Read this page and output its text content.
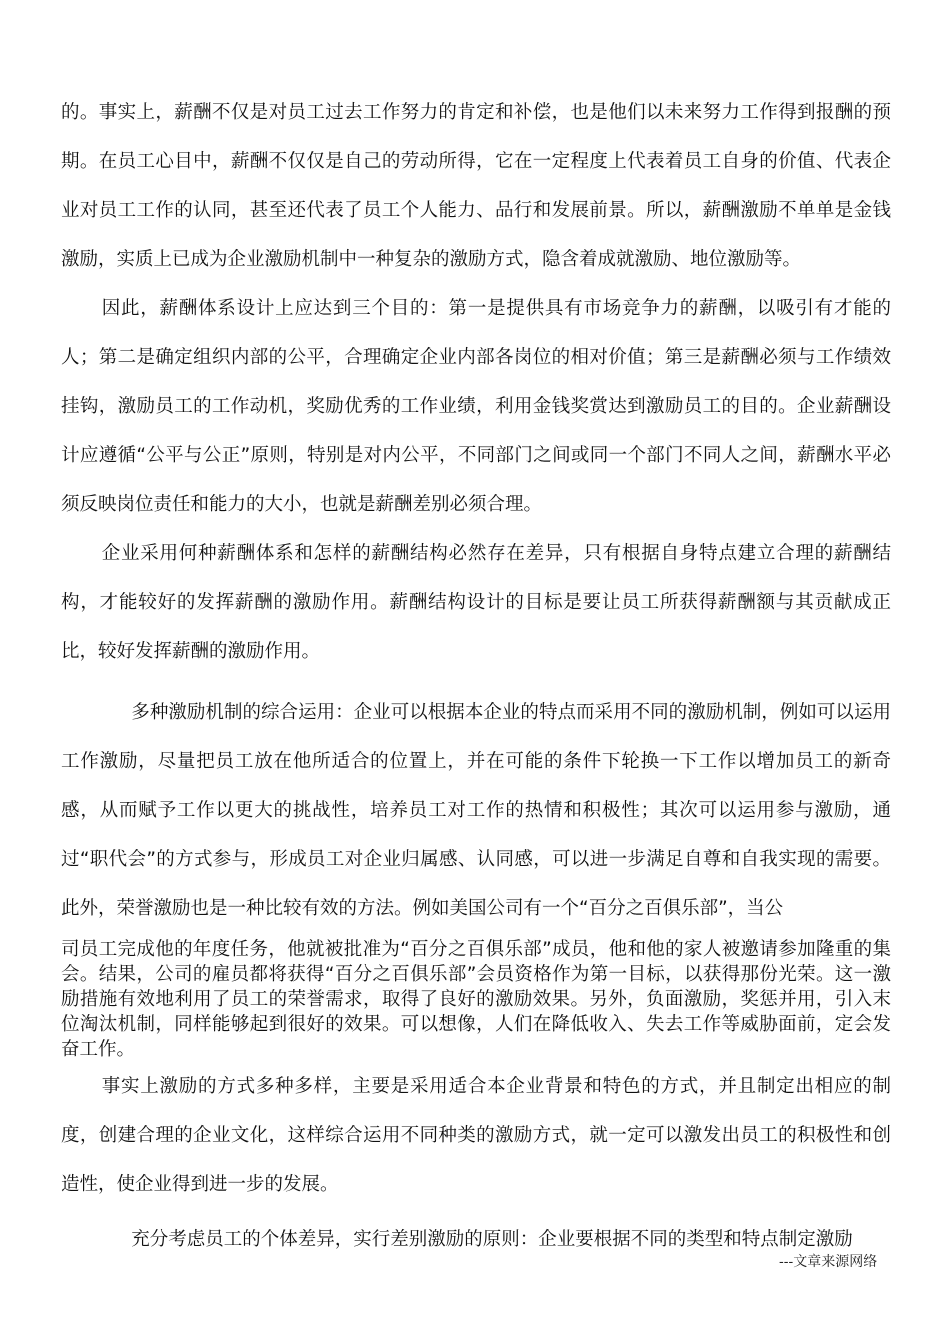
的。事实上，薪酬不仅是对员工过去工作努力的肯定和补偿，也是他们以未来努力工作得到报酬的预期。在员工心目中，薪酬不仅仅是自己的劳动所得，它在一定程度上代表着员工自身的价值、代表企业对员工工作的认同，甚至还代表了员工个人能力、品行和发展前景。所以，薪酬激励不单单是金钱激励，实质上已成为企业激励机制中一种复杂的激励方式，隐含着成就激励、地位激励等。

因此，薪酬体系设计上应达到三个目的：第一是提供具有市场竞争力的薪酬，以吸引有才能的人；第二是确定组织内部的公平，合理确定企业内部各岗位的相对价值；第三是薪酬必须与工作绩效挂钩，激励员工的工作动机，奖励优秀的工作业绩，利用金钱奖赏达到激励员工的目的。企业薪酬设计应遵循“公平与公正”原则，特别是对内公平，不同部门之间或同一个部门不同人之间，薪酬水平必须反映岗位责任和能力的大小，也就是薪酬差别必须合理。

企业采用何种薪酬体系和怎样的薪酬结构必然存在差异，只有根据自身特点建立合理的薪酬结构，才能较好的发挥薪酬的激励作用。薪酬结构设计的目标是要让员工所获得薪酬额与其贡献成正比，较好发挥薪酬的激励作用。

多种激励机制的综合运用：企业可以根据本企业的特点而采用不同的激励机制，例如可以运用工作激励，尽量把员工放在他所适合的位置上，并在可能的条件下轮换一下工作以增加员工的新奇感，从而赋予工作以更大的挑战性，培养员工对工作的热情和积极性；其次可以运用参与激励，通过“职代会”的方式参与，形成员工对企业归属感、认同感，可以进一步满足自尊和自我实现的需要。此外，荣誉激励也是一种比较有效的方法。例如美国公司有一个“百分之百俱乐部”，当公

司员工完成他的年度任务，他就被批准为“百分之百俱乐部”成员，他和他的家人被邀请参加隆重的集会。结果，公司的雇员都将获得“百分之百俱乐部”会员资格作为第一目标，以获得那份光荣。这一激励措施有效地利用了员工的荣誉需求，取得了良好的激励效果。另外，负面激励，奖惩并用，引入末位淘汰机制，同样能够起到很好的效果。可以想像，人们在降低收入、失去工作等威胁面前，定会发奋工作。

事实上激励的方式多种多样，主要是采用适合本企业背景和特色的方式，并且制定出相应的制度，创建合理的企业文化，这样综合运用不同种类的激励方式，就一定可以激发出员工的积极性和创造性，使企业得到进一步的发展。

充分考虑员工的个体差异，实行差别激励的原则：企业要根据不同的类型和特点制定激励

---文章来源网络
